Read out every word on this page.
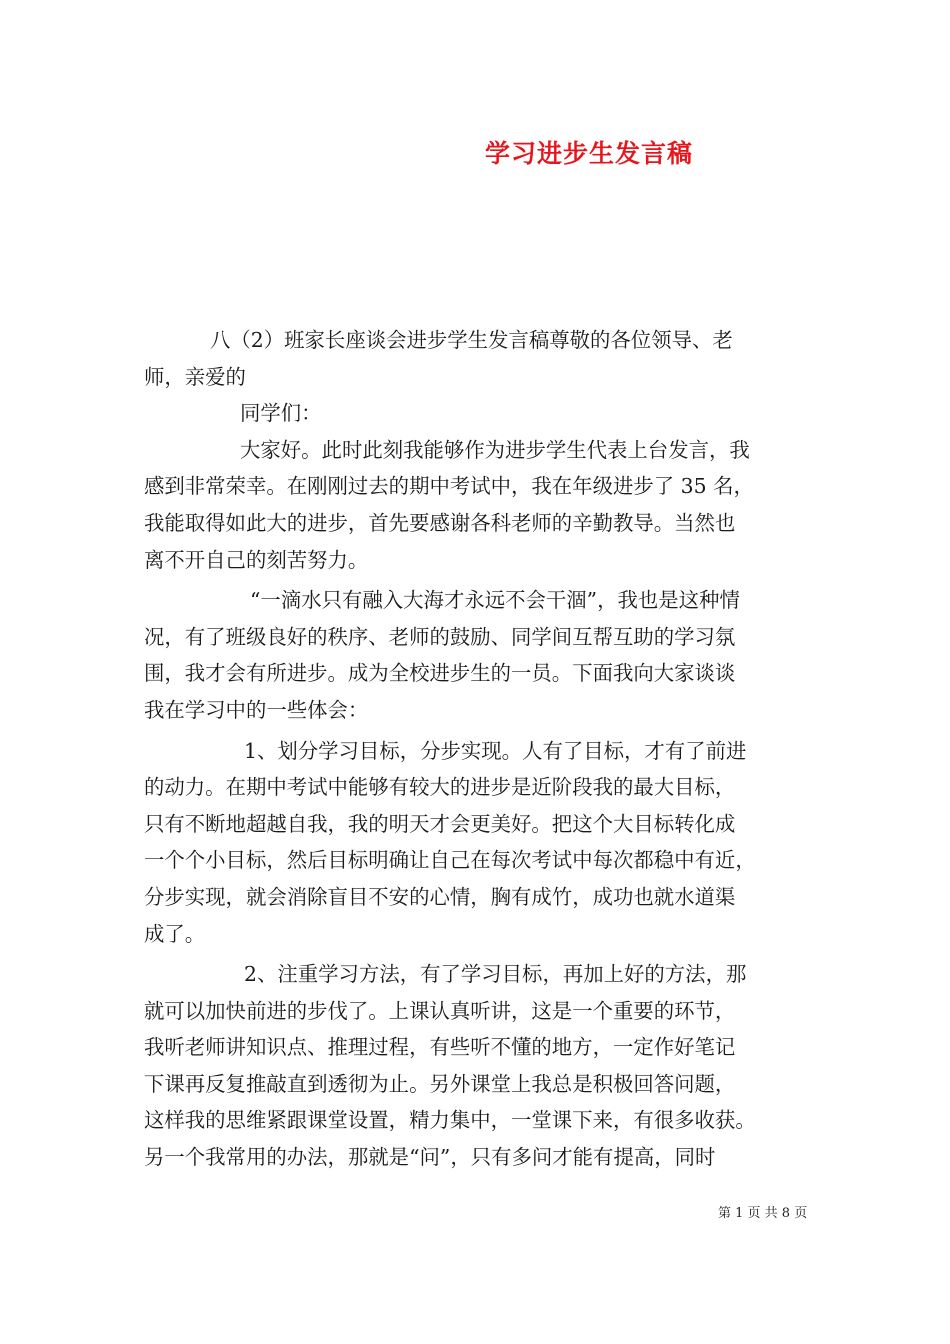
学习进步生发言稿
八（2）班家长座谈会进步学生发言稿尊敬的各位领导、老
师，亲爱的
同学们：
大家好。此时此刻我能够作为进步学生代表上台发言，我
感到非常荣幸。在刚刚过去的期中考试中，我在年级进步了 35 名，
我能取得如此大的进步，首先要感谢各科老师的辛勤教导。当然也
离不开自己的刻苦努力。
“一滴水只有融入大海才永远不会干涸”，我也是这种情
况，有了班级良好的秩序、老师的鼓励、同学间互帮互助的学习氛
围，我才会有所进步。成为全校进步生的一员。下面我向大家谈谈
我在学习中的一些体会：
1、划分学习目标，分步实现。人有了目标，才有了前进
的动力。在期中考试中能够有较大的进步是近阶段我的最大目标，
只有不断地超越自我，我的明天才会更美好。把这个大目标转化成
一个个小目标，然后目标明确让自己在每次考试中每次都稳中有近，
分步实现，就会消除盲目不安的心情，胸有成竹，成功也就水道渠
成了。
2、注重学习方法，有了学习目标，再加上好的方法，那
就可以加快前进的步伐了。上课认真听讲，这是一个重要的环节，
我听老师讲知识点、推理过程，有些听不懂的地方，一定作好笔记
下课再反复推敲直到透彻为止。另外课堂上我总是积极回答问题，
这样我的思维紧跟课堂设置，精力集中，一堂课下来，有很多收获。
另一个我常用的办法，那就是“问”，只有多问才能有提高，同时
第 1 页 共 8 页
